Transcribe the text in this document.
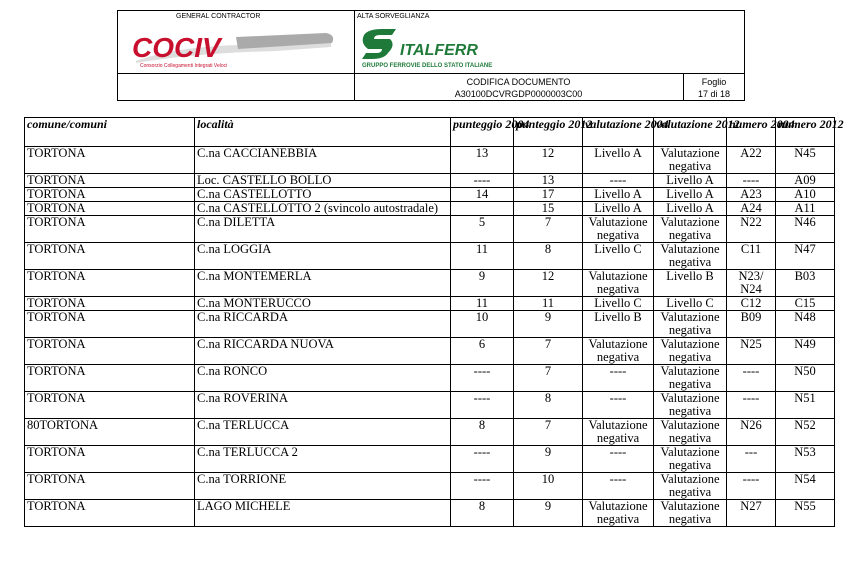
GENERAL CONTRACTOR
COCIV
Consorzio Collegamenti Integrati Veloci
ALTA SORVEGLIANZA
ITALFERR
GRUPPO FERROVIE DELLO STATO ITALIANE
CODIFICA DOCUMENTO
A30100DCVRGDP0000003C00
Foglio
17 di 18
comune/comuni	località	punteggio 2004	punteggio 2012	valutazione 2004	valutazione 2012	numero 2004	numero 2012
TORTONA	C.na CACCIANEBBIA	13	12	Livello A	Valutazione negativa	A22	N45
TORTONA	Loc. CASTELLO BOLLO	----	13	----	Livello A	----	A09
TORTONA	C.na CASTELLOTTO	14	17	Livello A	Livello A	A23	A10
TORTONA	C.na CASTELLOTTO 2 (svincolo autostradale)		15	Livello A	Livello A	A24	A11
TORTONA	C.na DILETTA	5	7	Valutazione negativa	Valutazione negativa	N22	N46
TORTONA	C.na LOGGIA	11	8	Livello C	Valutazione negativa	C11	N47
TORTONA	C.na MONTEMERLA	9	12	Valutazione negativa	Livello B	N23/ N24	B03
TORTONA	C.na MONTERUCCO	11	11	Livello C	Livello C	C12	C15
TORTONA	C.na RICCARDA	10	9	Livello B	Valutazione negativa	B09	N48
TORTONA	C.na RICCARDA NUOVA	6	7	Valutazione negativa	Valutazione negativa	N25	N49
TORTONA	C.na RONCO	----	7	----	Valutazione negativa	----	N50
TORTONA	C.na ROVERINA	----	8	----	Valutazione negativa	----	N51
80TORTONA	C.na TERLUCCA	8	7	Valutazione negativa	Valutazione negativa	N26	N52
TORTONA	C.na TERLUCCA 2	----	9	----	Valutazione negativa	---	N53
TORTONA	C.na TORRIONE	----	10	----	Valutazione negativa	----	N54
TORTONA	LAGO MICHELE	8	9	Valutazione negativa	Valutazione negativa	N27	N55
